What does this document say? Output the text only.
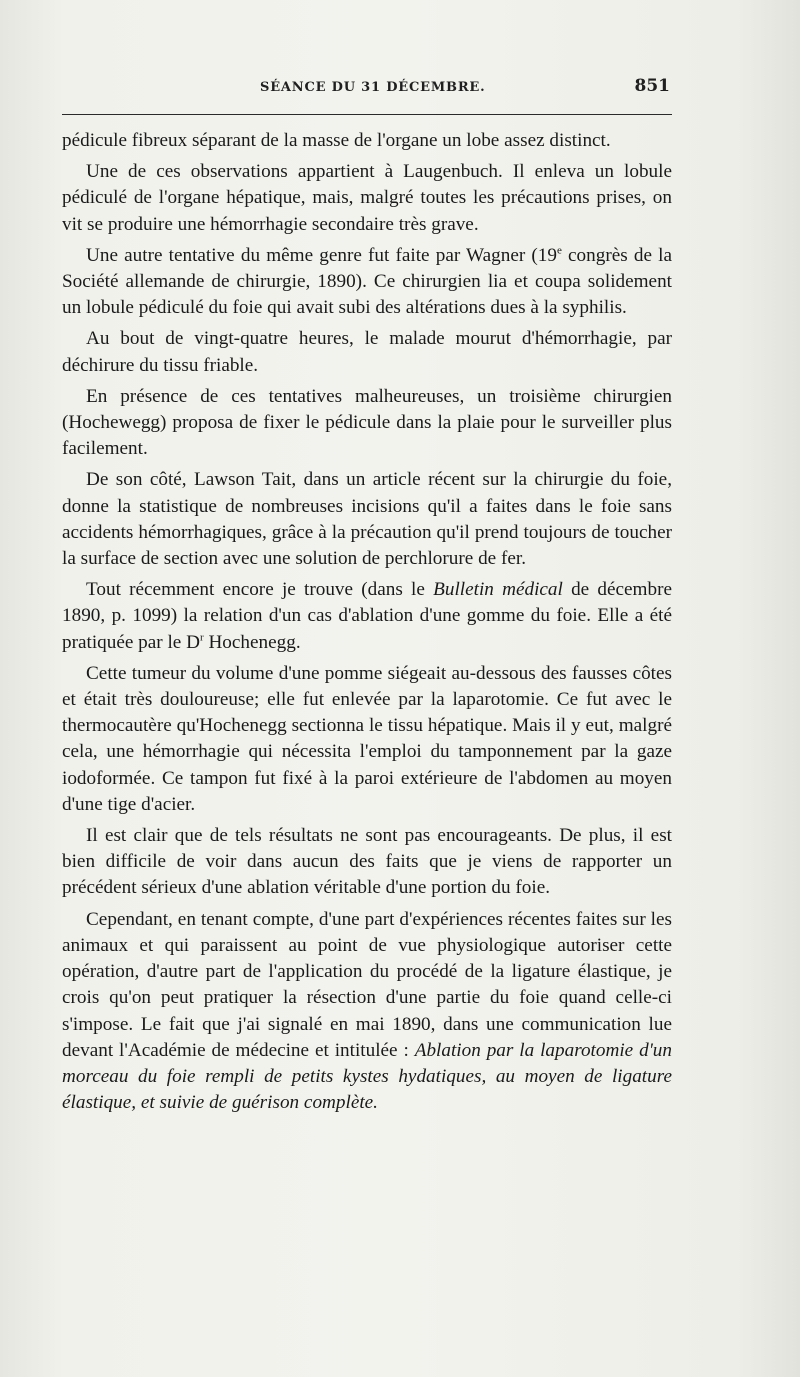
SÉANCE DU 31 DÉCEMBRE.	851

pédicule fibreux séparant de la masse de l'organe un lobe assez distinct.

Une de ces observations appartient à Laugenbuch. Il enleva un lobule pédiculé de l'organe hépatique, mais, malgré toutes les précautions prises, on vit se produire une hémorrhagie secondaire très grave.

Une autre tentative du même genre fut faite par Wagner (19e congrès de la Société allemande de chirurgie, 1890). Ce chirurgien lia et coupa solidement un lobule pédiculé du foie qui avait subi des altérations dues à la syphilis.

Au bout de vingt-quatre heures, le malade mourut d'hémorrhagie, par déchirure du tissu friable.

En présence de ces tentatives malheureuses, un troisième chirurgien (Hochewegg) proposa de fixer le pédicule dans la plaie pour le surveiller plus facilement.

De son côté, Lawson Tait, dans un article récent sur la chirurgie du foie, donne la statistique de nombreuses incisions qu'il a faites dans le foie sans accidents hémorrhagiques, grâce à la précaution qu'il prend toujours de toucher la surface de section avec une solution de perchlorure de fer.

Tout récemment encore je trouve (dans le Bulletin médical de décembre 1890, p. 1099) la relation d'un cas d'ablation d'une gomme du foie. Elle a été pratiquée par le $D^r$ Hochenegg.

Cette tumeur du volume d'une pomme siégeait au-dessous des fausses côtes et était très douloureuse; elle fut enlevée par la laparotomie. Ce fut avec le thermocautère qu'Hochenegg sectionna le tissu hépatique. Mais il y eut, malgré cela, une hémorrhagie qui nécessita l'emploi du tamponnement par la gaze iodoformée. Ce tampon fut fixé à la paroi extérieure de l'abdomen au moyen d'une tige d'acier.

Il est clair que de tels résultats ne sont pas encourageants. De plus, il est bien difficile de voir dans aucun des faits que je viens de rapporter un précédent sérieux d'une ablation véritable d'une portion du foie.

Cependant, en tenant compte, d'une part d'expériences récentes faites sur les animaux et qui paraissent au point de vue physiologique autoriser cette opération, d'autre part de l'application du procédé de la ligature élastique, je crois qu'on peut pratiquer la résection d'une partie du foie quand celle-ci s'impose. Le fait que j'ai signalé en mai 1890, dans une communication lue devant l'Académie de médecine et intitulée : Ablation par la laparotomie d'un morceau du foie rempli de petits kystes hydatiques, au moyen de ligature élastique, et suivie de guérison complète.
